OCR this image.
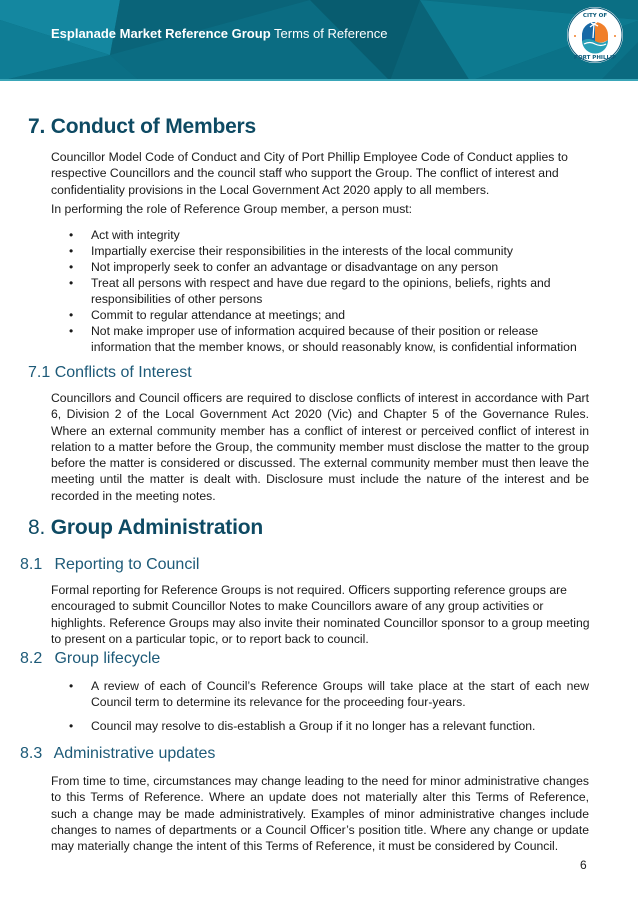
Esplanade Market Reference Group Terms of Reference
CITY OF
PORT PHILLIP
7. Conduct of Members

Councillor Model Code of Conduct and City of Port Phillip Employee Code of Conduct applies to respective Councillors and the council staff who support the Group. The conflict of interest and confidentiality provisions in the Local Government Act 2020 apply to all members.

In performing the role of Reference Group member, a person must:

• Act with integrity
• Impartially exercise their responsibilities in the interests of the local community
• Not improperly seek to confer an advantage or disadvantage on any person
• Treat all persons with respect and have due regard to the opinions, beliefs, rights and responsibilities of other persons
• Commit to regular attendance at meetings; and
• Not make improper use of information acquired because of their position or release information that the member knows, or should reasonably know, is confidential information
7.1 Conflicts of Interest

Councillors and Council officers are required to disclose conflicts of interest in accordance with Part 6, Division 2 of the Local Government Act 2020 (Vic) and Chapter 5 of the Governance Rules. Where an external community member has a conflict of interest or perceived conflict of interest in relation to a matter before the Group, the community member must disclose the matter to the group before the matter is considered or discussed. The external community member must then leave the meeting until the matter is dealt with. Disclosure must include the nature of the interest and be recorded in the meeting notes.

8. Group Administration
8.1 Reporting to Council

Formal reporting for Reference Groups is not required. Officers supporting reference groups are encouraged to submit Councillor Notes to make Councillors aware of any group activities or highlights. Reference Groups may also invite their nominated Councillor sponsor to a group meeting to present on a particular topic, or to report back to council.

8.2 Group lifecycle
• A review of each of Council’s Reference Groups will take place at the start of each new Council term to determine its relevance for the proceeding four-years.
• Council may resolve to dis-establish a Group if it no longer has a relevant function.
8.3 Administrative updates

From time to time, circumstances may change leading to the need for minor administrative changes to this Terms of Reference. Where an update does not materially alter this Terms of Reference, such a change may be made administratively. Examples of minor administrative changes include changes to names of departments or a Council Officer’s position title. Where any change or update may materially change the intent of this Terms of Reference, it must be considered by Council.

6
